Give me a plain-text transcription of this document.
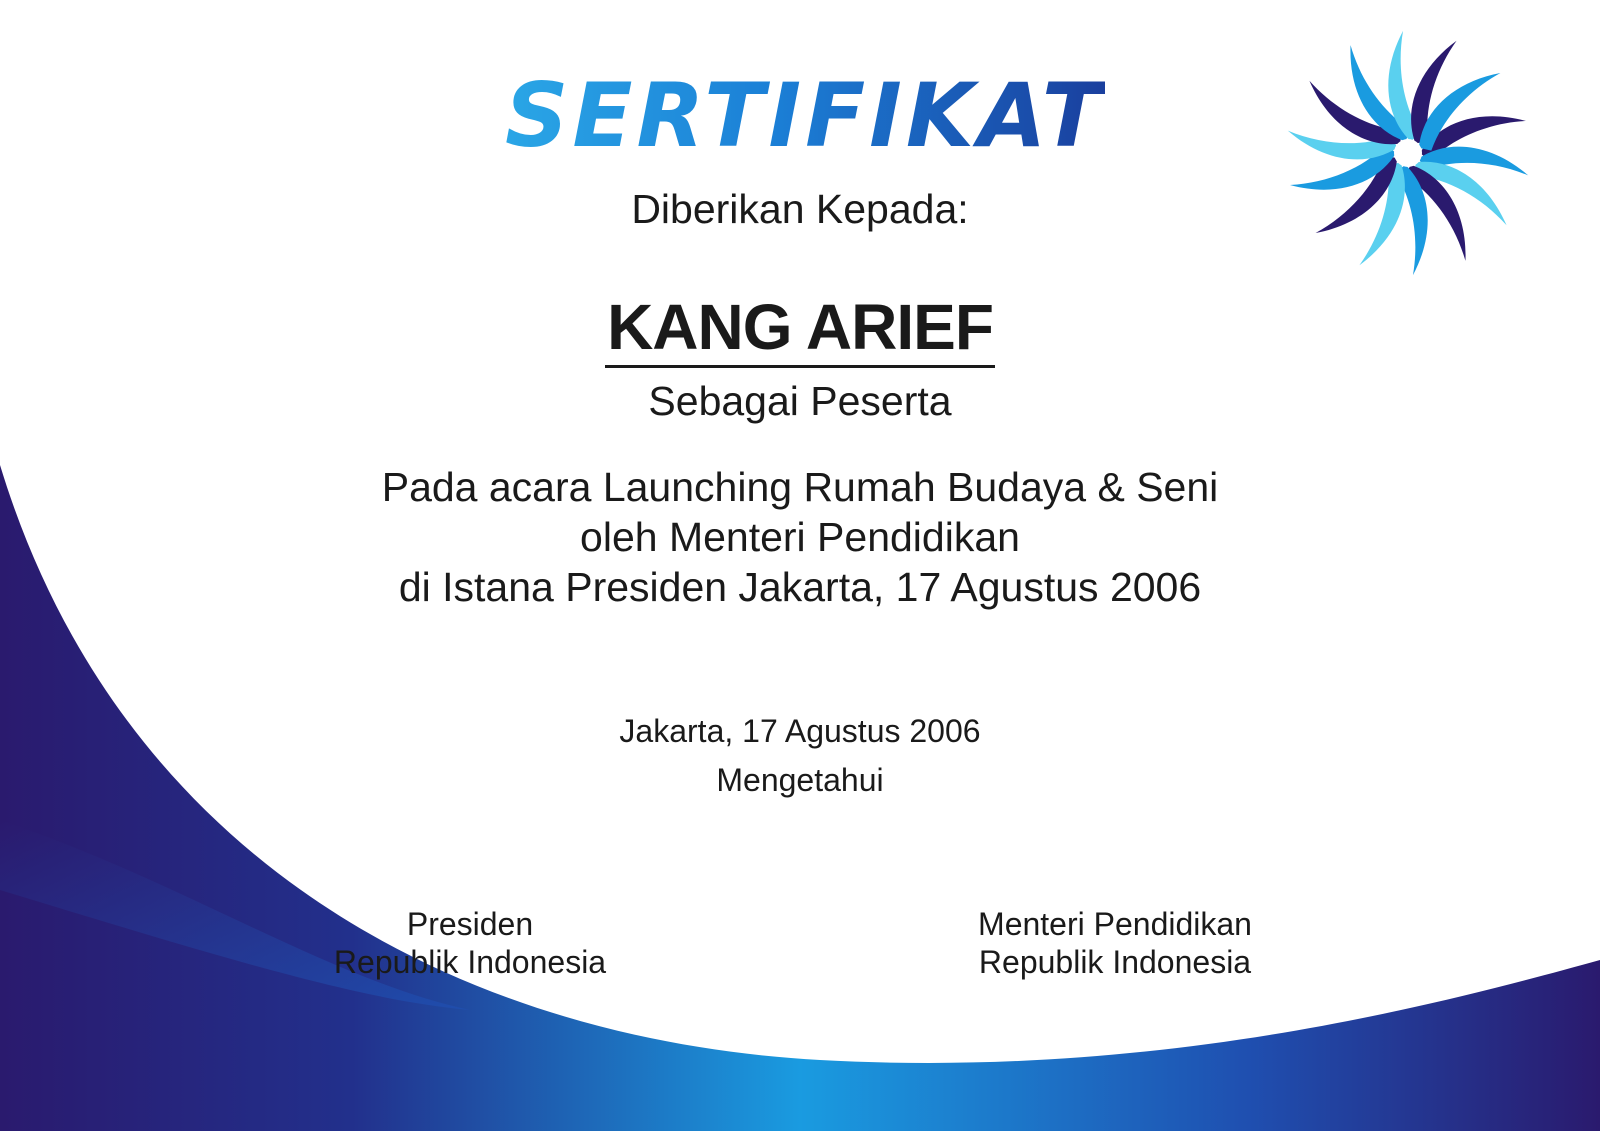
SERTIFIKAT
Diberikan Kepada:
KANG ARIEF
Sebagai Peserta
Pada acara Launching Rumah Budaya & Seni
oleh Menteri Pendidikan
di Istana Presiden Jakarta, 17 Agustus 2006
Jakarta, 17 Agustus 2006
Mengetahui
Presiden
Republik Indonesia
Menteri Pendidikan
Republik Indonesia
